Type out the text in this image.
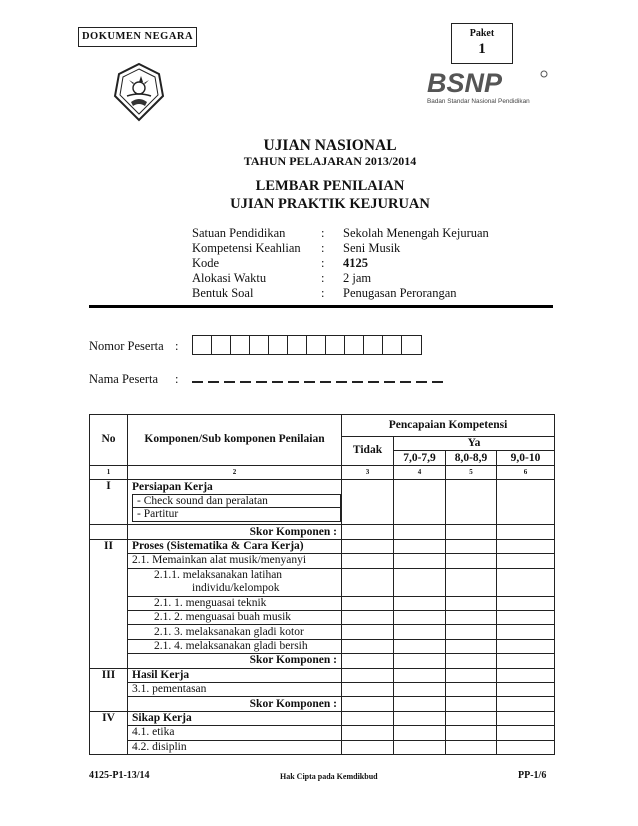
DOKUMEN NEGARA	Paket
1
BSNP
Badan Standar Nasional Pendidikan
UJIAN NASIONAL
TAHUN PELAJARAN 2013/2014
LEMBAR PENILAIAN
UJIAN PRAKTIK KEJURUAN
Satuan Pendidikan	: Sekolah Menengah Kejuruan
Kompetensi Keahlian : Seni Musik
Kode	: 4125
Alokasi Waktu	: 2 jam
Bentuk Soal	: Penugasan Perorangan
Nomor Peserta :
Nama Peserta :
No	Komponen/Sub komponen Penilaian	Pencapaian Kompetensi			
		Tidak	Ya		
			7,0-7,9	8,0-8,9	9,0-10
1	2	3	4	5	6
I	Persiapan Kerja				

	- Check sound dan peralatan				

	- Partitur				

	Skor Komponen :				
II	Proses (Sistematika & Cara Kerja)				
	2.1. Memainkan alat musik/menyanyi				

	2.1.1. melaksanakan latihan
individu/kelompok				

	2.1. 1. menguasai teknik				
	2.1. 2. menguasai buah musik				
	2.1. 3. melaksanakan gladi kotor				
	2.1. 4. melaksanakan gladi bersih				
	Skor Komponen :				
III	Hasil Kerja				
	3.1. pementasan				
	Skor Komponen :				
IV	Sikap Kerja				
	4.1. etika				
	4.2. disiplin				
4125-P1-13/14	Hak Cipta pada Kemdikbud	PP-1/6
